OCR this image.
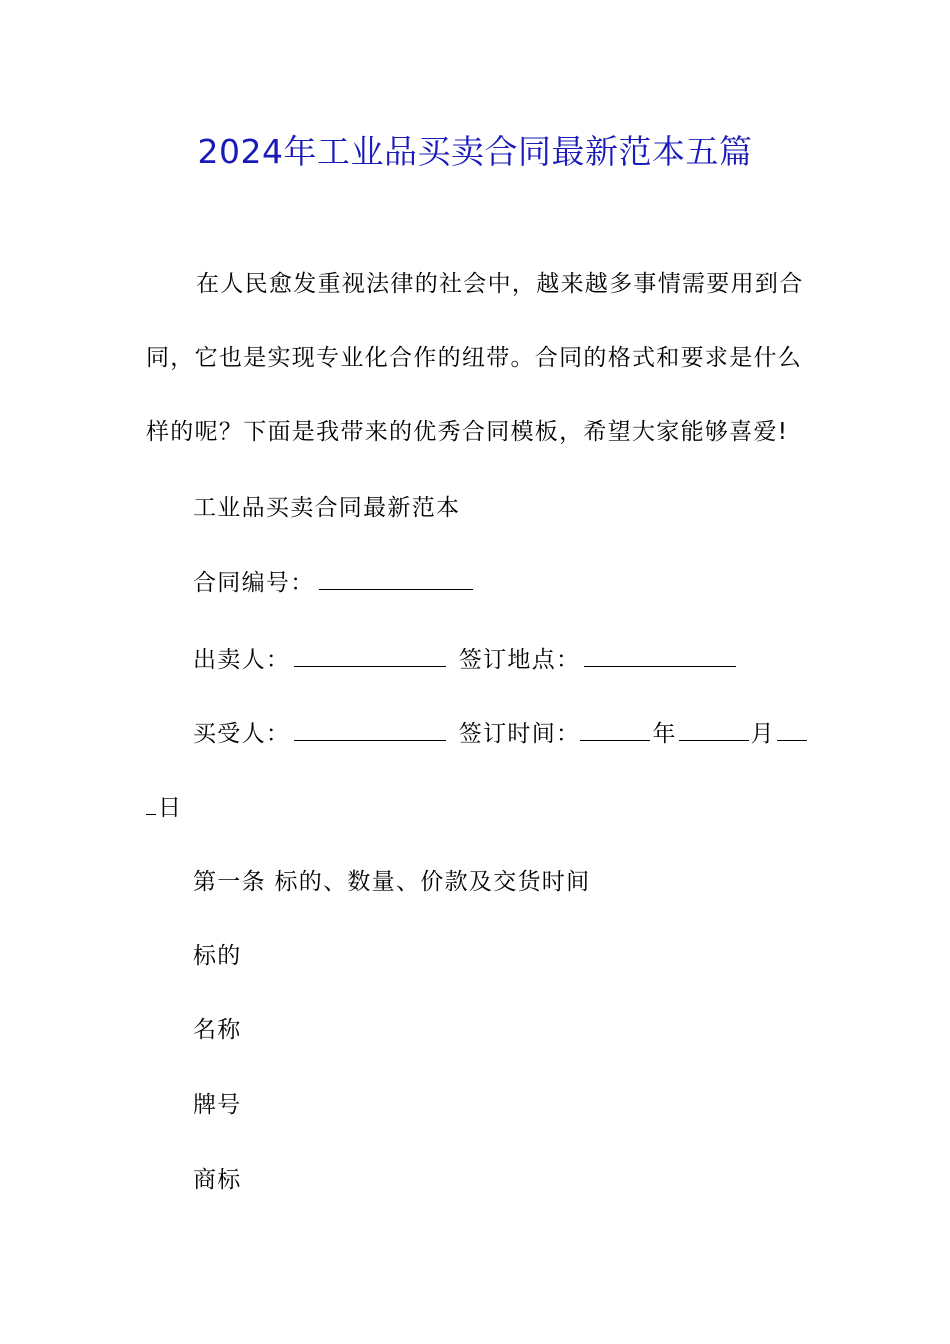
2024年工业品买卖合同最新范本五篇
在人民愈发重视法律的社会中，越来越多事情需要用到合
同，它也是实现专业化合作的纽带。合同的格式和要求是什么
样的呢？下面是我带来的优秀合同模板，希望大家能够喜爱!
工业品买卖合同最新范本
合同编号：
出卖人：	签订地点：
买受人：	签订时间：	年	月
日
第一条 标的、数量、价款及交货时间
标的
名称
牌号
商标
